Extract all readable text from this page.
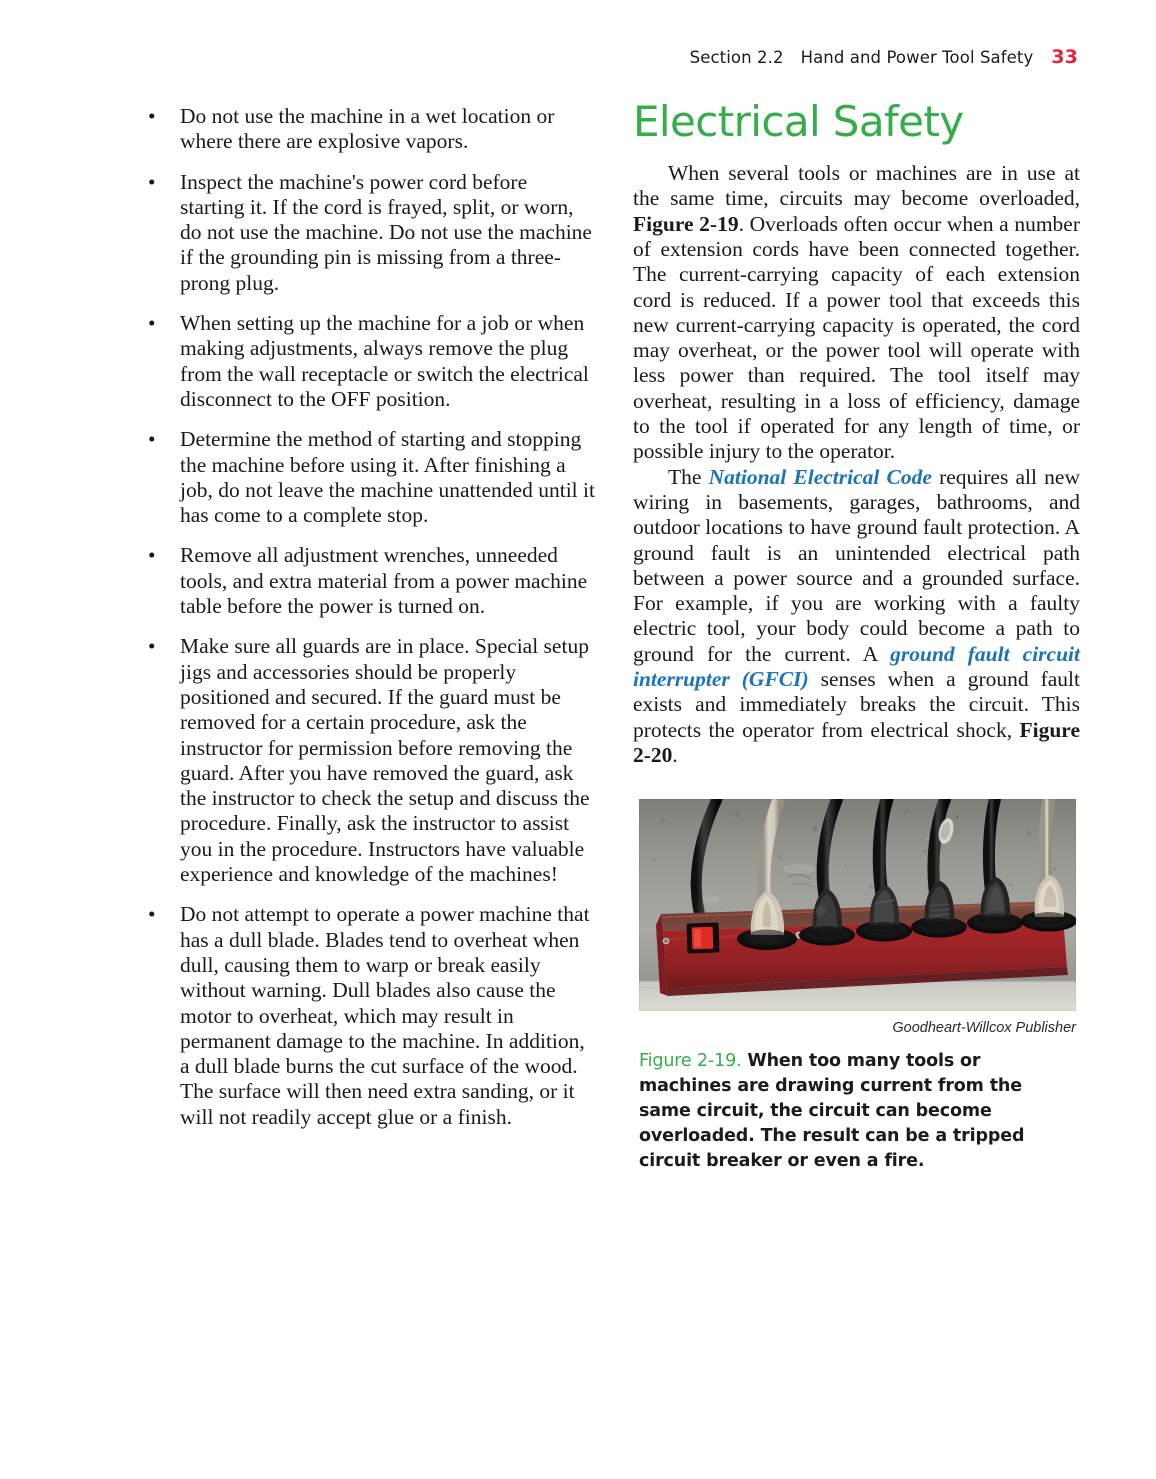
Section 2.2 Hand and Power Tool Safety 33
• Do not use the machine in a wet location or where there are explosive vapors.
• Inspect the machine's power cord before starting it. If the cord is frayed, split, or worn, do not use the machine. Do not use the machine if the grounding pin is missing from a three-prong plug.
• When setting up the machine for a job or when making adjustments, always remove the plug from the wall receptacle or switch the electrical disconnect to the OFF position.
• Determine the method of starting and stopping the machine before using it. After finishing a job, do not leave the machine unattended until it has come to a complete stop.
• Remove all adjustment wrenches, unneeded tools, and extra material from a power machine table before the power is turned on.
• Make sure all guards are in place. Special setup jigs and accessories should be properly positioned and secured. If the guard must be removed for a certain procedure, ask the instructor for permission before removing the guard. After you have removed the guard, ask the instructor to check the setup and discuss the procedure. Finally, ask the instructor to assist you in the procedure. Instructors have valuable experience and knowledge of the machines!
• Do not attempt to operate a power machine that has a dull blade. Blades tend to overheat when dull, causing them to warp or break easily without warning. Dull blades also cause the motor to overheat, which may result in permanent damage to the machine. In addition, a dull blade burns the cut surface of the wood. The surface will then need extra sanding, or it will not readily accept glue or a finish.
Electrical Safety

When several tools or machines are in use at the same time, circuits may become overloaded, Figure 2-19. Overloads often occur when a number of extension cords have been connected together. The current-carrying capacity of each extension cord is reduced. If a power tool that exceeds this new current-carrying capacity is operated, the cord may overheat, or the power tool will operate with less power than required. The tool itself may overheat, resulting in a loss of efficiency, damage to the tool if operated for any length of time, or possible injury to the operator.

The National Electrical Code requires all new wiring in basements, garages, bathrooms, and outdoor locations to have ground fault protection. A ground fault is an unintended electrical path between a power source and a grounded surface. For example, if you are working with a faulty electric tool, your body could become a path to ground for the current. A ground fault circuit interrupter (GFCI) senses when a ground fault exists and immediately breaks the circuit. This protects the operator from electrical shock, Figure 2-20.

Goodheart-Willcox Publisher
Figure 2-19. When too many tools or machines are drawing current from the same circuit, the circuit can become overloaded. The result can be a tripped circuit breaker or even a fire.
